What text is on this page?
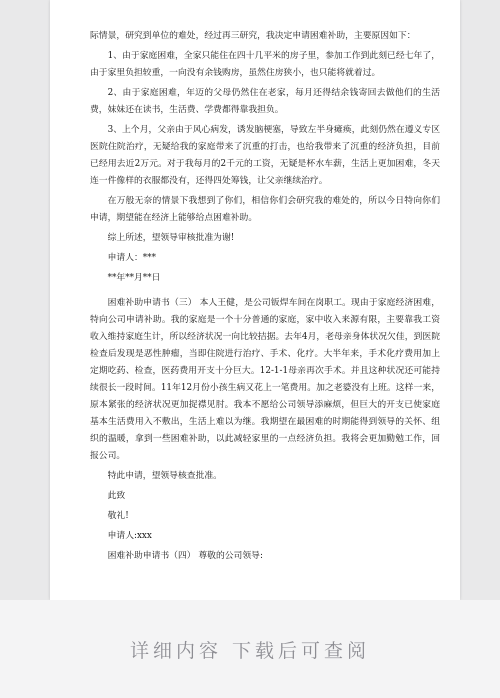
际情景，研究到单位的难处，经过再三研究，我决定申请困难补助，主要原因如下：

1、由于家庭困难，全家只能住在四十几平米的房子里，参加工作到此刻已经七年了，由于家里负担较重，一向没有余钱购房，虽然住房狭小，也只能将就着过。

2、由于家庭困难，年迈的父母仍然住在老家，每月还得结余钱寄回去做他们的生活费，妹妹还在读书，生活费、学费都得靠我担负。

3、上个月，父亲由于风心病发，诱发脑梗塞，导致左半身瘫痪，此刻仍然在遵义专区医院住院治疗，无疑给我的家庭带来了沉重的打击，也给我带来了沉重的经济负担，目前已经用去近2万元。对于我每月的2千元的工资，无疑是杯水车薪，生活上更加困难，冬天连一件像样的衣服都没有，还得四处筹钱，让父亲继续治疗。

在万般无奈的情景下我想到了你们，相信你们会研究我的难处的，所以今日特向你们申请，期望能在经济上能够给点困难补助。

综上所述，望领导审核批准为谢!

申请人：***

**年**月**日

困难补助申请书（三） 本人王健，是公司钣焊车间在岗职工。现由于家庭经济困难，特向公司申请补助。我的家庭是一个十分普通的家庭，家中收入来源有限，主要靠我工资收入维持家庭生计，所以经济状况一向比较拮据。去年4月，老母亲身体状况欠佳，到医院检查后发现是恶性肿瘤，当即住院进行治疗、手术、化疗。大半年来，手术化疗费用加上定期吃药、检查，医药费用开支十分巨大。12-1-1母亲再次手术。并且这种状况还可能持续很长一段时间。11年12月份小孩生病又花上一笔费用。加之老婆没有上班。这样一来，原本紧张的经济状况更加捉襟见肘。我本不愿给公司领导添麻烦，但巨大的开支已使家庭基本生活费用入不敷出，生活上难以为继。我期望在最困难的时期能得到领导的关怀、组织的温暖，拿到一些困难补助，以此减轻家里的一点经济负担。我将会更加勤勉工作，回报公司。

特此申请，望领导核查批准。

此致

敬礼!

申请人:xxx

困难补助申请书（四） 尊敬的公司领导:

详细内容 下载后可查阅
